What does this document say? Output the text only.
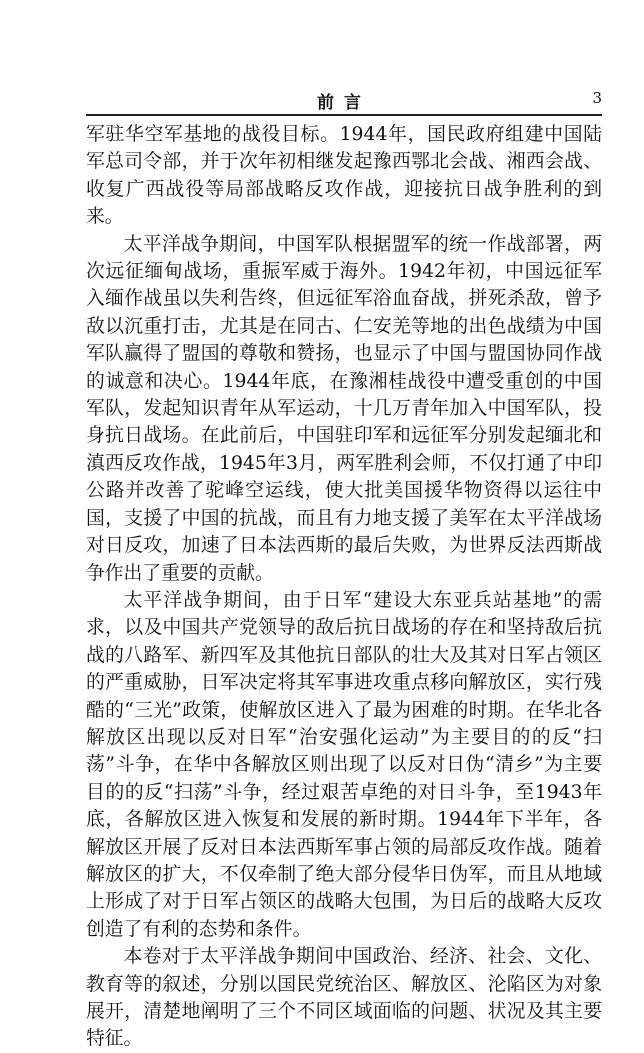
前言	3

军驻华空军基地的战役目标。1944年，国民政府组建中国陆军总司令部，并于次年初相继发起豫西鄂北会战、湘西会战、收复广西战役等局部战略反攻作战，迎接抗日战争胜利的到来。

太平洋战争期间，中国军队根据盟军的统一作战部署，两次远征缅甸战场，重振军威于海外。1942年初，中国远征军入缅作战虽以失利告终，但远征军浴血奋战，拼死杀敌，曾予敌以沉重打击，尤其是在同古、仁安羌等地的出色战绩为中国军队赢得了盟国的尊敬和赞扬，也显示了中国与盟国协同作战的诚意和决心。1944年底，在豫湘桂战役中遭受重创的中国军队，发起知识青年从军运动，十几万青年加入中国军队，投身抗日战场。在此前后，中国驻印军和远征军分别发起缅北和滇西反攻作战，1945年3月，两军胜利会师，不仅打通了中印公路并改善了驼峰空运线，使大批美国援华物资得以运往中国，支援了中国的抗战，而且有力地支援了美军在太平洋战场对日反攻，加速了日本法西斯的最后失败，为世界反法西斯战争作出了重要的贡献。

太平洋战争期间，由于日军“建设大东亚兵站基地”的需求，以及中国共产党领导的敌后抗日战场的存在和坚持敌后抗战的八路军、新四军及其他抗日部队的壮大及其对日军占领区的严重威胁，日军决定将其军事进攻重点移向解放区，实行残酷的“三光”政策，使解放区进入了最为困难的时期。在华北各解放区出现以反对日军“治安强化运动”为主要目的的反“扫荡”斗争，在华中各解放区则出现了以反对日伪“清乡”为主要目的的反“扫荡”斗争，经过艰苦卓绝的对日斗争，至1943年底，各解放区进入恢复和发展的新时期。1944年下半年，各解放区开展了反对日本法西斯军事占领的局部反攻作战。随着解放区的扩大，不仅牵制了绝大部分侵华日伪军，而且从地域上形成了对于日军占领区的战略大包围，为日后的战略大反攻创造了有利的态势和条件。

本卷对于太平洋战争期间中国政治、经济、社会、文化、教育等的叙述，分别以国民党统治区、解放区、沦陷区为对象展开，清楚地阐明了三个不同区域面临的问题、状况及其主要特征。
